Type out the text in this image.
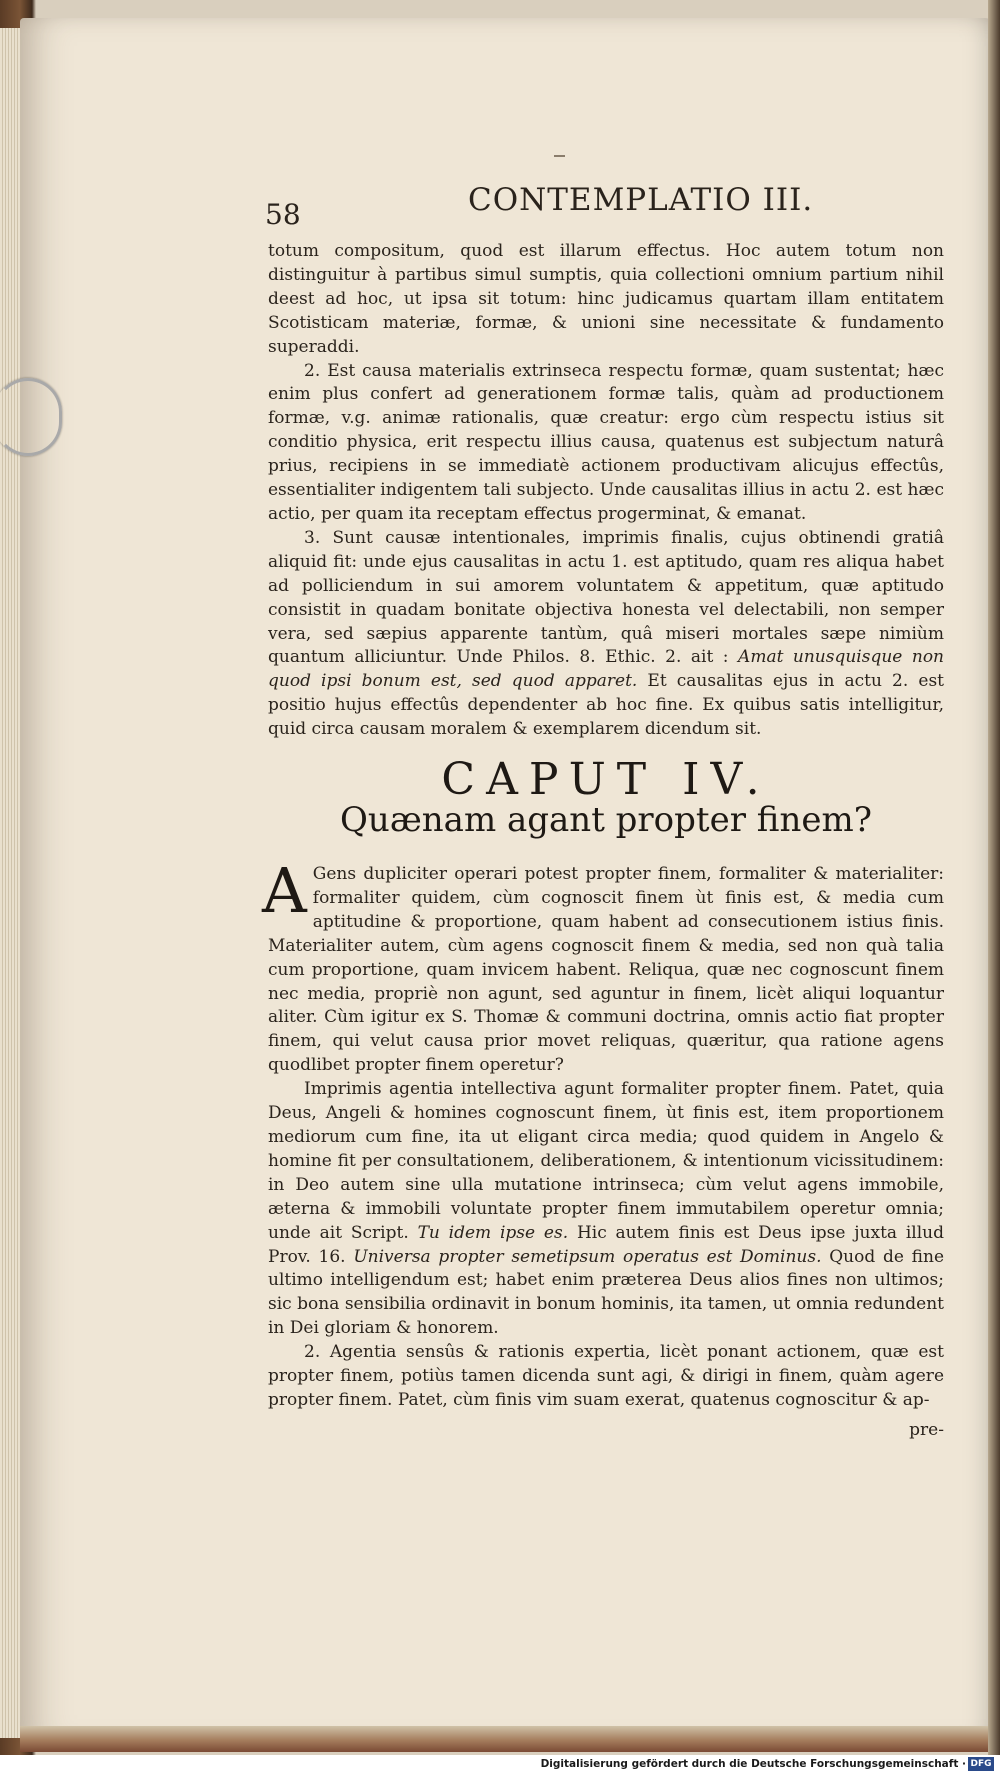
58	CONTEMPLATIO III.

totum compositum, quod est illarum effectus. Hoc autem totum non distinguitur à partibus simul sumptis, quia collectioni omnium partium nihil deest ad hoc, ut ipsa sit totum: hinc judicamus quartam illam entitatem Scotisticam materiæ, formæ, & unioni sine necessitate & fundamento superaddi.

2. Est causa materialis extrinseca respectu formæ, quam sustentat; hæc enim plus confert ad generationem formæ talis, quàm ad productionem formæ, v.g. animæ rationalis, quæ creatur: ergo cùm respectu istius sit conditio physica, erit respectu illius causa, quatenus est subjectum naturâ prius, recipiens in se immediatè actionem productivam alicujus effectûs, essentialiter indigentem tali subjecto. Unde causalitas illius in actu 2. est hæc actio, per quam ita receptam effectus progerminat, & emanat.

3. Sunt causæ intentionales, imprimis finalis, cujus obtinendi gratiâ aliquid fit: unde ejus causalitas in actu 1. est aptitudo, quam res aliqua habet ad polliciendum in sui amorem voluntatem & appetitum, quæ aptitudo consistit in quadam bonitate objectiva honesta vel delectabili, non semper vera, sed sæpius apparente tantùm, quâ miseri mortales sæpe nimiùm quantum alliciuntur. Unde Philos. 8. Ethic. 2. ait : Amat unusquisque non quod ipsi bonum est, sed quod apparet. Et causalitas ejus in actu 2. est positio hujus effectûs dependenter ab hoc fine. Ex quibus satis intelligitur, quid circa causam moralem & exemplarem dicendum sit.

CAPUT IV.
Quænam agant propter finem?

A Gens dupliciter operari potest propter finem, formaliter & materialiter: formaliter quidem, cùm cognoscit finem ùt finis est, & media cum aptitudine & proportione, quam habent ad consecutionem istius finis. Materialiter autem, cùm agens cognoscit finem & media, sed non quà talia cum proportione, quam invicem habent. Reliqua, quæ nec cognoscunt finem nec media, propriè non agunt, sed aguntur in finem, licèt aliqui loquantur aliter. Cùm igitur ex S. Thomæ & communi doctrina, omnis actio fiat propter finem, qui velut causa prior movet reliquas, quæritur, qua ratione agens quodlibet propter finem operetur?

Imprimis agentia intellectiva agunt formaliter propter finem. Patet, quia Deus, Angeli & homines cognoscunt finem, ùt finis est, item proportionem mediorum cum fine, ita ut eligant circa media; quod quidem in Angelo & homine fit per consultationem, deliberationem, & intentionum vicissitudinem: in Deo autem sine ulla mutatione intrinseca; cùm velut agens immobile, æterna & immobili voluntate propter finem immutabilem operetur omnia; unde ait Script. Tu idem ipse es. Hic autem finis est Deus ipse juxta illud Prov. 16. Universa propter semetipsum operatus est Dominus. Quod de fine ultimo intelligendum est; habet enim præterea Deus alios fines non ultimos; sic bona sensibilia ordinavit in bonum hominis, ita tamen, ut omnia redundent in Dei gloriam & honorem.

2. Agentia sensûs & rationis expertia, licèt ponant actionem, quæ est propter finem, potiùs tamen dicenda sunt agi, & dirigi in finem, quàm agere propter finem. Patet, cùm finis vim suam exerat, quatenus cognoscitur & ap-

pre-
Digitalisierung gefördert durch die Deutsche Forschungsgemeinschaft · DFG
